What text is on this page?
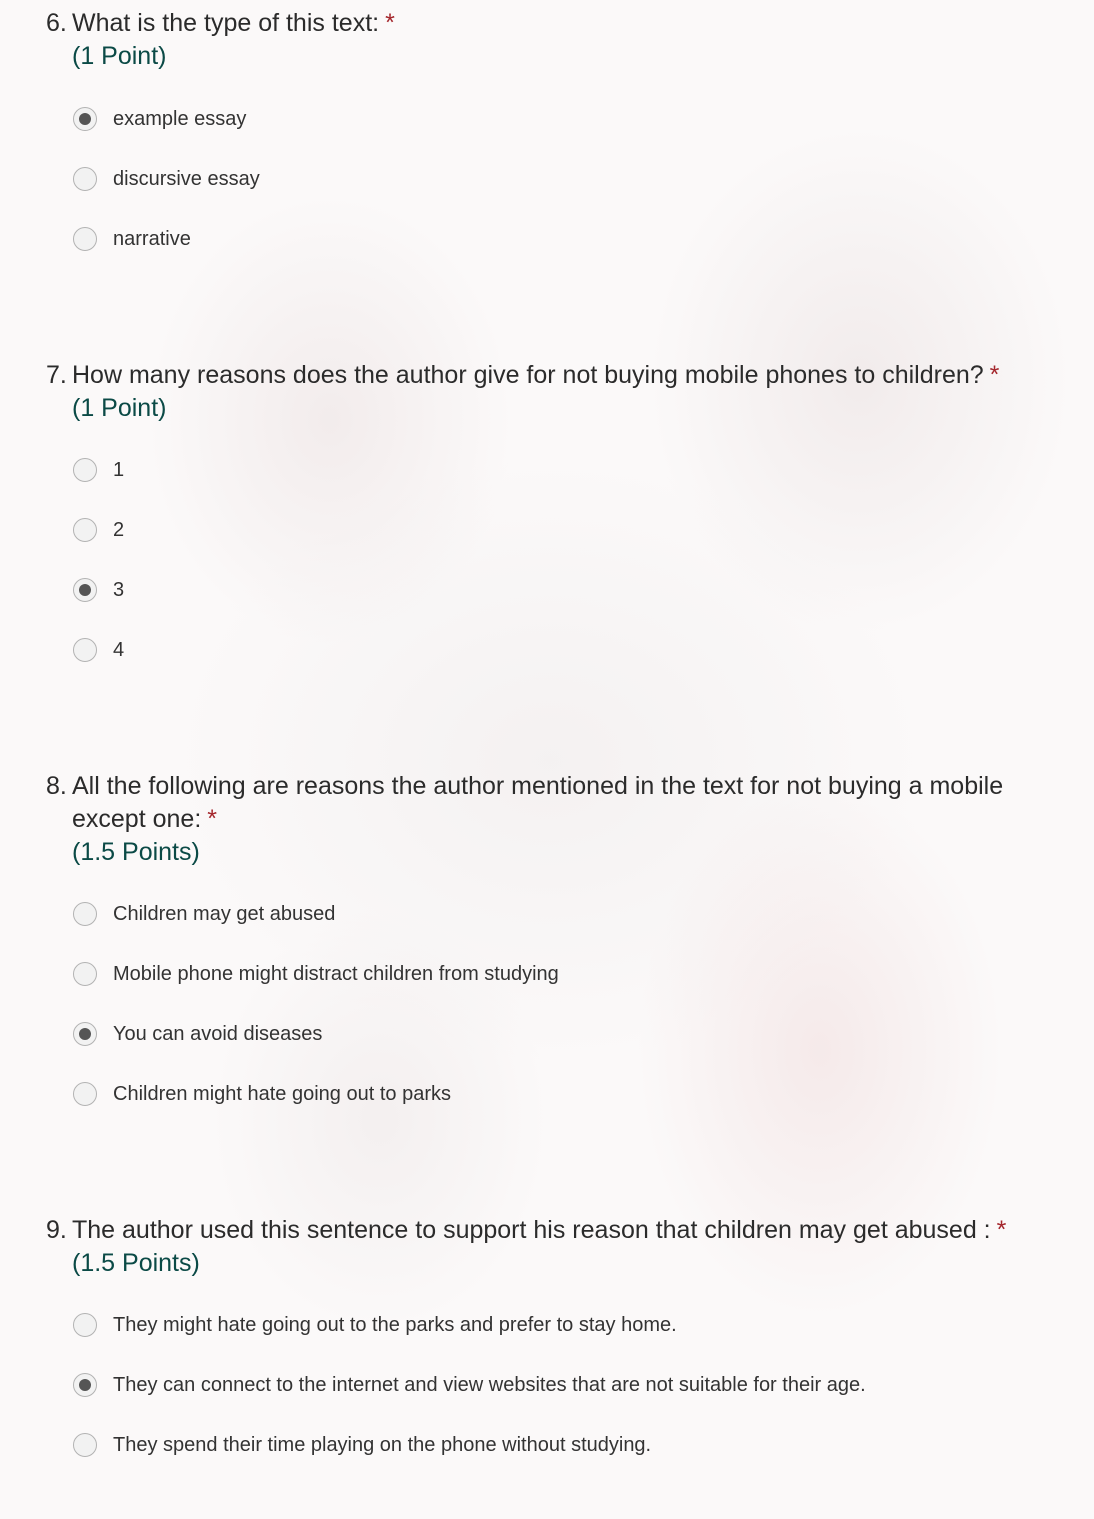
6. What is the type of this text: *
(1 Point)
example essay
discursive essay
narrative
7. How many reasons does the author give for not buying mobile phones to children? *
(1 Point)
1
2
3
4
8. All the following are reasons the author mentioned in the text for not buying a mobile except one: *
(1.5 Points)
Children may get abused
Mobile phone might distract children from studying
You can avoid diseases
Children might hate going out to parks
9. The author used this sentence to support his reason that children may get abused : *
(1.5 Points)
They might hate going out to the parks and prefer to stay home.
They can connect to the internet and view websites that are not suitable for their age.
They spend their time playing on the phone without studying.
